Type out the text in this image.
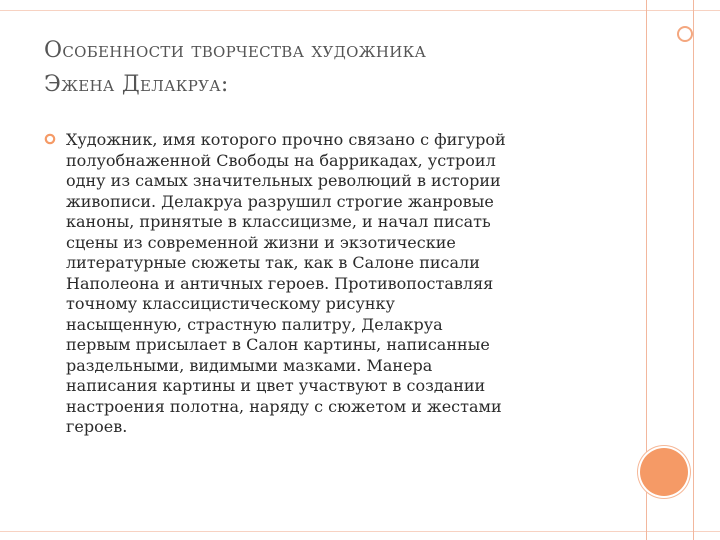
Особенности творчества художника
Эжена Делакруа:
Художник, имя которого прочно связано с фигурой
полуобнаженной Свободы на баррикадах, устроил
одну из самых значительных революций в истории
живописи. Делакруа разрушил строгие жанровые
каноны, принятые в классицизме, и начал писать
сцены из современной жизни и экзотические
литературные сюжеты так, как в Салоне писали
Наполеона и античных героев. Противопоставляя
точному классицистическому рисунку
насыщенную, страстную палитру, Делакруа
первым присылает в Салон картины, написанные
раздельными, видимыми мазками. Манера
написания картины и цвет участвуют в создании
настроения полотна, наряду с сюжетом и жестами
героев.
